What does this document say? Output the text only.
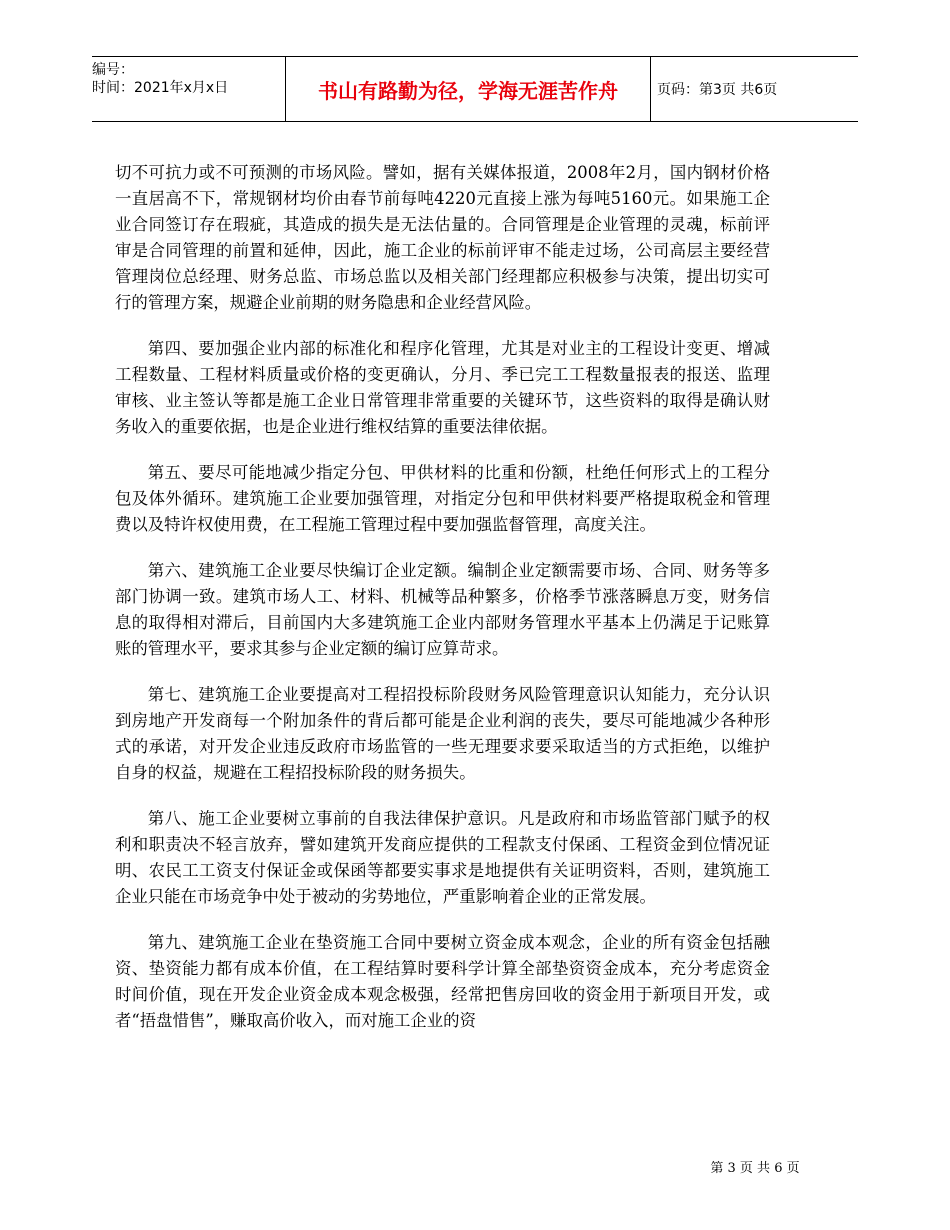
编号：
时间：2021年x月x日	书山有路勤为径，学海无涯苦作舟	页码：第3页 共6页

切不可抗力或不可预测的市场风险。譬如，据有关媒体报道，2008年2月，国内钢材价格一直居高不下，常规钢材均价由春节前每吨4220元直接上涨为每吨5160元。如果施工企业合同签订存在瑕疵，其造成的损失是无法估量的。合同管理是企业管理的灵魂，标前评审是合同管理的前置和延伸，因此，施工企业的标前评审不能走过场，公司高层主要经营管理岗位总经理、财务总监、市场总监以及相关部门经理都应积极参与决策，提出切实可行的管理方案，规避企业前期的财务隐患和企业经营风险。

第四、要加强企业内部的标准化和程序化管理，尤其是对业主的工程设计变更、增减工程数量、工程材料质量或价格的变更确认，分月、季已完工工程数量报表的报送、监理审核、业主签认等都是施工企业日常管理非常重要的关键环节，这些资料的取得是确认财务收入的重要依据，也是企业进行维权结算的重要法律依据。

第五、要尽可能地减少指定分包、甲供材料的比重和份额，杜绝任何形式上的工程分包及体外循环。建筑施工企业要加强管理，对指定分包和甲供材料要严格提取税金和管理费以及特许权使用费，在工程施工管理过程中要加强监督管理，高度关注。

第六、建筑施工企业要尽快编订企业定额。编制企业定额需要市场、合同、财务等多部门协调一致。建筑市场人工、材料、机械等品种繁多，价格季节涨落瞬息万变，财务信息的取得相对滞后，目前国内大多建筑施工企业内部财务管理水平基本上仍满足于记账算账的管理水平，要求其参与企业定额的编订应算苛求。

第七、建筑施工企业要提高对工程招投标阶段财务风险管理意识认知能力，充分认识到房地产开发商每一个附加条件的背后都可能是企业利润的丧失，要尽可能地减少各种形式的承诺，对开发企业违反政府市场监管的一些无理要求要采取适当的方式拒绝，以维护自身的权益，规避在工程招投标阶段的财务损失。

第八、施工企业要树立事前的自我法律保护意识。凡是政府和市场监管部门赋予的权利和职责决不轻言放弃，譬如建筑开发商应提供的工程款支付保函、工程资金到位情况证明、农民工工资支付保证金或保函等都要实事求是地提供有关证明资料，否则，建筑施工企业只能在市场竞争中处于被动的劣势地位，严重影响着企业的正常发展。

第九、建筑施工企业在垫资施工合同中要树立资金成本观念，企业的所有资金包括融资、垫资能力都有成本价值，在工程结算时要科学计算全部垫资资金成本，充分考虑资金时间价值，现在开发企业资金成本观念极强，经常把售房回收的资金用于新项目开发，或者“捂盘惜售”，赚取高价收入，而对施工企业的资

第 3 页 共 6 页
